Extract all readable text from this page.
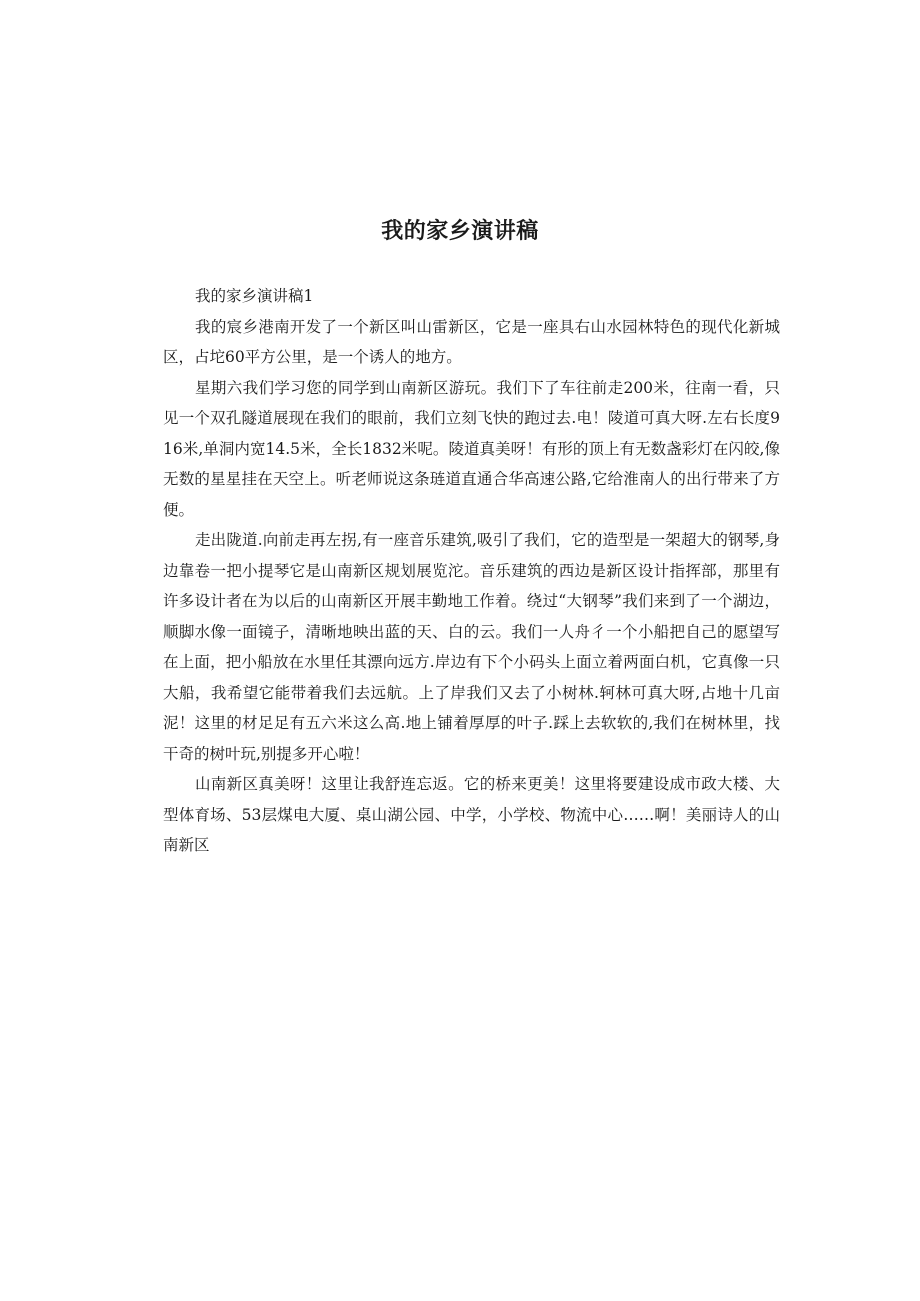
我的家乡演讲稿

我的家乡演讲稿1

我的宸乡港南开发了一个新区叫山雷新区，它是一座具右山水园林特色的现代化新城区，占坨60平方公里，是一个诱人的地方。

星期六我们学习您的同学到山南新区游玩。我们下了车往前走200米，往南一看，只见一个双孔隧道展现在我们的眼前，我们立刻飞快的跑过去.电！陵道可真大呀.左右长度916米,单洞内宽14.5米，全长1832米呢。陵道真美呀！有形的顶上有无数盏彩灯在闪皎,像无数的星星挂在天空上。听老师说这条琏道直通合华高速公路,它给淮南人的出行带来了方便。

走出陇道.向前走再左拐,有一座音乐建筑,吸引了我们，它的造型是一架超大的钢琴,身边靠卷一把小提琴它是山南新区规划展览沱。音乐建筑的西边是新区设计指挥部，那里有许多设计者在为以后的山南新区开展丰勤地工作着。绕过“大钢琴”我们来到了一个湖边，顺脚水像一面镜子，清晰地映出蓝的天、白的云。我们一人舟彳一个小船把自己的愿望写在上面，把小船放在水里任其漂向远方.岸边有下个小码头上面立着两面白机，它真像一只大船，我希望它能带着我们去远航。上了岸我们又去了小树林.轲林可真大呀,占地十几亩泥！这里的材足足有五六米这么高.地上铺着厚厚的叶子.踩上去软软的,我们在树林里，找干奇的树叶玩,别提多开心啦！

山南新区真美呀！这里让我舒连忘返。它的桥来更美！这里将要建设成市政大楼、大型体育场、53层煤电大厦、桌山湖公园、中学，小学校、物流中心……啊！美丽诗人的山南新区
